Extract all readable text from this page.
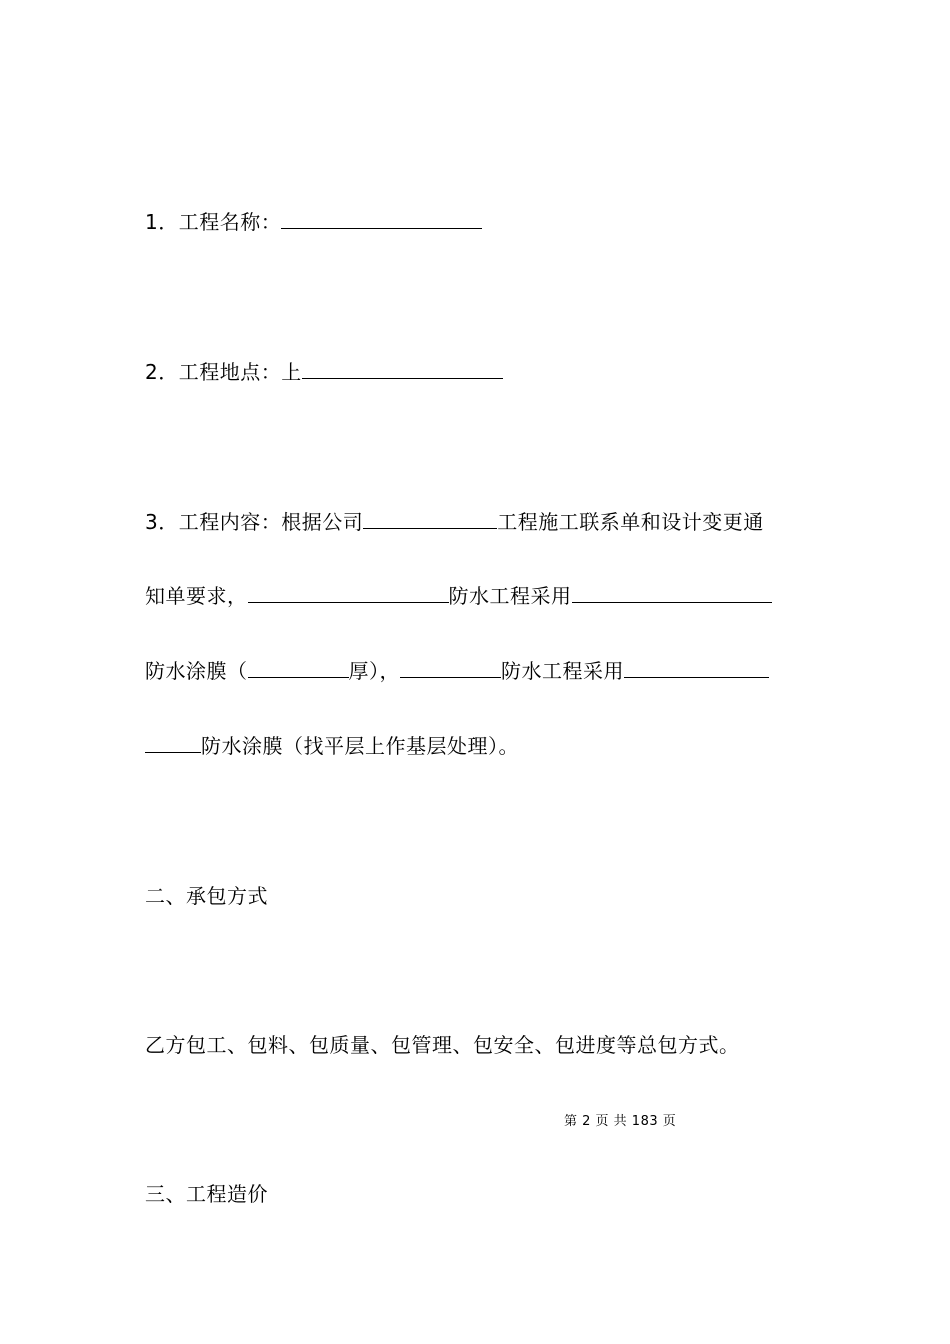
1．工程名称：
2．工程地点：上
3．工程内容：根据公司	工程施工联系单和设计变更通
知单要求，	防水工程采用
防水涂膜（	厚），	防水工程采用
防水涂膜（找平层上作基层处理）。
二、承包方式
乙方包工、包料、包质量、包管理、包安全、包进度等总包方式。
第 2 页 共 183 页
三、工程造价
